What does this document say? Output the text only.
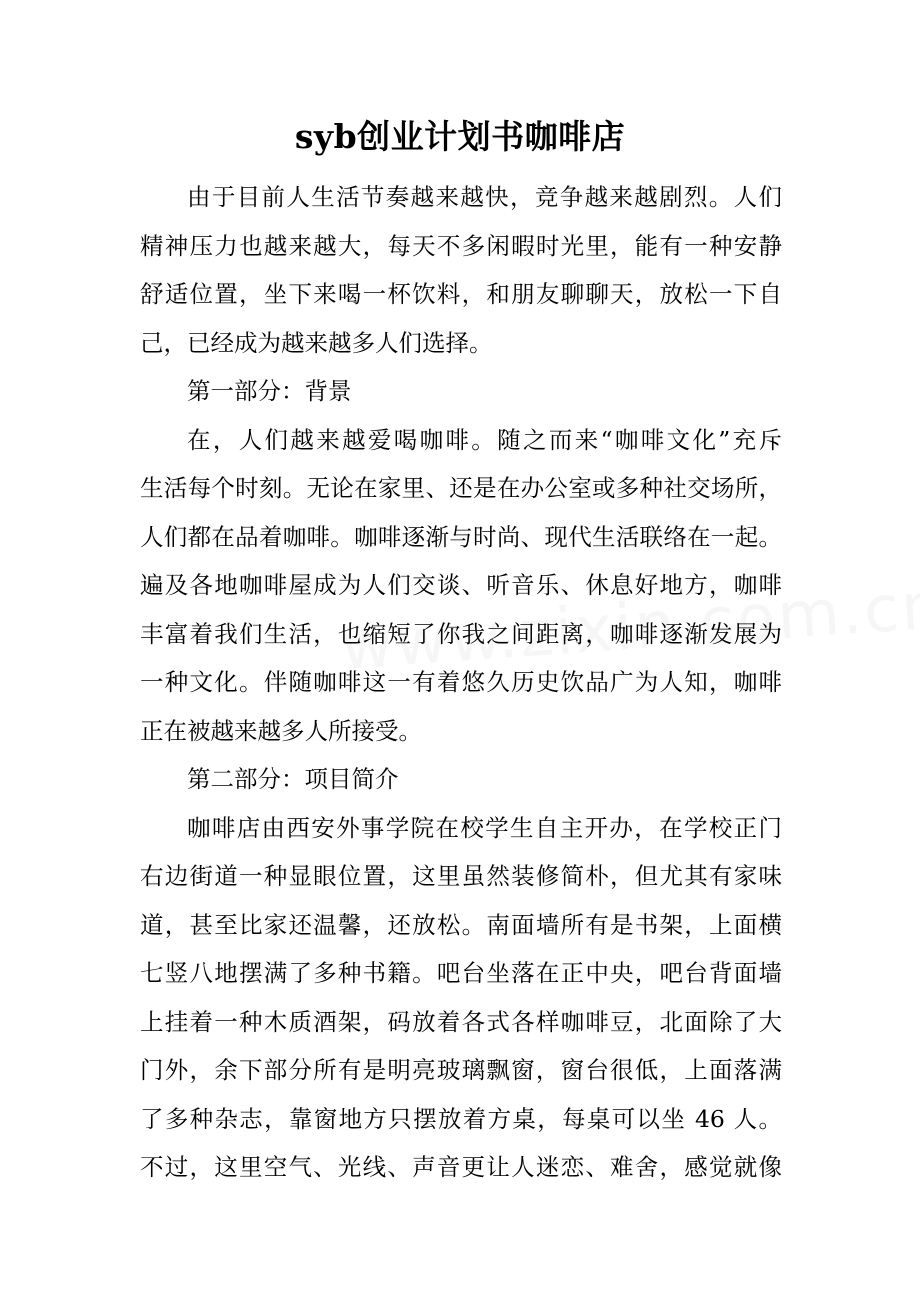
syb创业计划书咖啡店
由于目前人生活节奏越来越快，竞争越来越剧烈。人们
精神压力也越来越大，每天不多闲暇时光里，能有一种安静
舒适位置，坐下来喝一杯饮料，和朋友聊聊天，放松一下自
己，已经成为越来越多人们选择。
第一部分：背景
在，人们越来越爱喝咖啡。随之而来“咖啡文化”充斥
生活每个时刻。无论在家里、还是在办公室或多种社交场所，
人们都在品着咖啡。咖啡逐渐与时尚、现代生活联络在一起。
遍及各地咖啡屋成为人们交谈、听音乐、休息好地方，咖啡
丰富着我们生活，也缩短了你我之间距离，咖啡逐渐发展为
一种文化。伴随咖啡这一有着悠久历史饮品广为人知，咖啡
正在被越来越多人所接受。
第二部分：项目简介
咖啡店由西安外事学院在校学生自主开办，在学校正门
右边街道一种显眼位置，这里虽然装修简朴，但尤其有家味
道，甚至比家还温馨，还放松。南面墙所有是书架，上面横
七竖八地摆满了多种书籍。吧台坐落在正中央，吧台背面墙
上挂着一种木质酒架，码放着各式各样咖啡豆，北面除了大
门外，余下部分所有是明亮玻璃飘窗，窗台很低，上面落满
了多种杂志，靠窗地方只摆放着方桌，每桌可以坐 46 人。
不过，这里空气、光线、声音更让人迷恋、难舍，感觉就像
